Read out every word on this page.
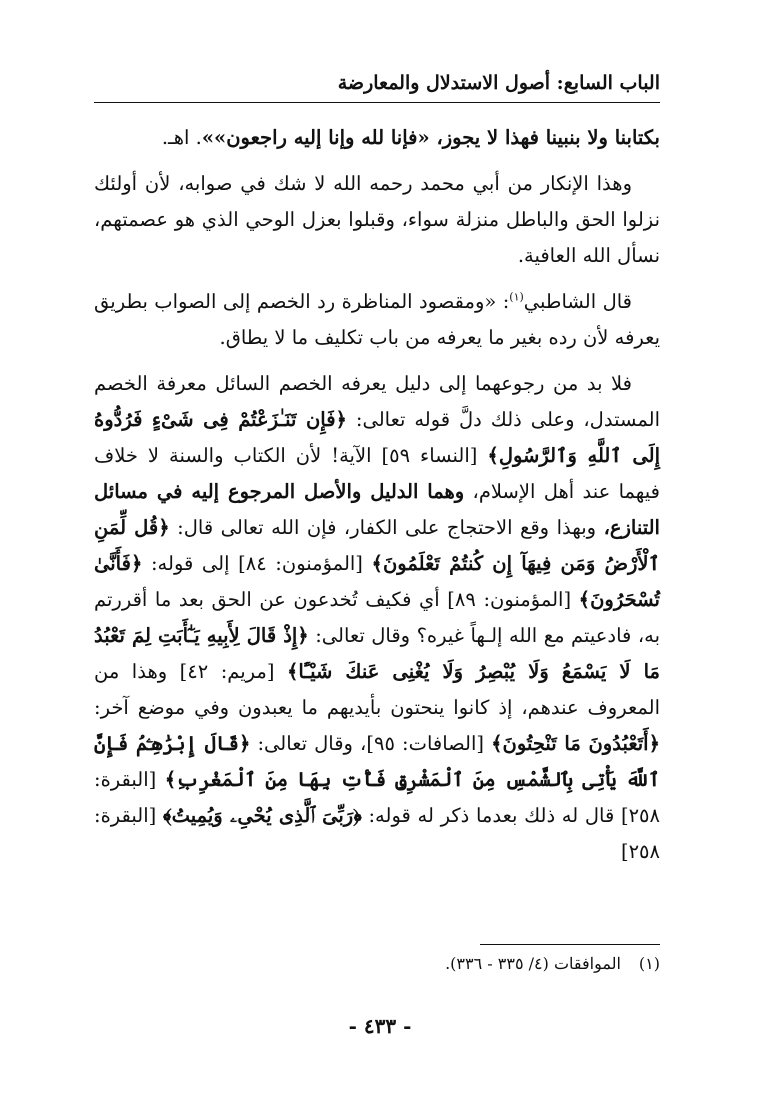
الباب السابع: أصول الاستدلال والمعارضة

بكتابنا ولا بنبينا فهذا لا يجوز، «فإنا لله وإنا إليه راجعون»». اهـ.

وهذا الإنكار من أبي محمد رحمه الله لا شك في صوابه، لأن أولئك نزلوا الحق والباطل منزلة سواء، وقبلوا بعزل الوحي الذي هو عصمتهم، نسأل الله العافية.

قال الشاطبي$^{(١)}$: «ومقصود المناظرة رد الخصم إلى الصواب بطريق يعرفه لأن رده بغير ما يعرفه من باب تكليف ما لا يطاق.

فلا بد من رجوعهما إلى دليل يعرفه الخصم السائل معرفة الخصم المستدل، وعلى ذلك دلَّ قوله تعالى: ﴿فَإِن تَنَـٰزَعْتُمْ فِى شَىْءٍ فَرُدُّوهُ إِلَى ٱللَّهِ وَٱلرَّسُولِ﴾ [النساء ٥٩] الآية! لأن الكتاب والسنة لا خلاف فيهما عند أهل الإسلام، وهما الدليل والأصل المرجوع إليه في مسائل التنازع، وبهذا وقع الاحتجاج على الكفار، فإن الله تعالى قال: ﴿قُل لِّمَنِ ٱلْأَرْضُ وَمَن فِيهَآ إِن كُنتُمْ تَعْلَمُونَ﴾ [المؤمنون: ٨٤] إلى قوله: ﴿فَأَنَّىٰ تُسْحَرُونَ﴾ [المؤمنون: ٨٩] أي فكيف تُخدعون عن الحق بعد ما أقررتم به، فادعيتم مع الله إلـهاً غيره؟ وقال تعالى: ﴿إِذْ قَالَ لِأَبِيهِ يَـٰٓأَبَتِ لِمَ تَعْبُدُ مَا لَا يَسْمَعُ وَلَا يُبْصِرُ وَلَا يُغْنِى عَنكَ شَيْـًٔا﴾ [مريم: ٤٢] وهذا من المعروف عندهم، إذ كانوا ينحتون بأيديهم ما يعبدون وفي موضع آخر: ﴿أَتَعْبُدُونَ مَا تَنْحِتُونَ﴾ [الصافات: ٩٥]، وقال تعالى: ﴿قَالَ إِبْرَٰهِـۧمُ فَإِنَّ ٱللَّهَ يَأْتِى بِٱلشَّمْسِ مِنَ ٱلْمَشْرِقِ فَأْتِ بِهَا مِنَ ٱلْمَغْرِبِ﴾ [البقرة: ٢٥٨] قال له ذلك بعدما ذكر له قوله: ﴿رَبِّىَ ٱلَّذِى يُحْىِۦ وَيُمِيتُ﴾ [البقرة: ٢٥٨]

(١)الموافقات (٤/ ٣٣٥ - ٣٣٦).
- ٤٣٣ -
